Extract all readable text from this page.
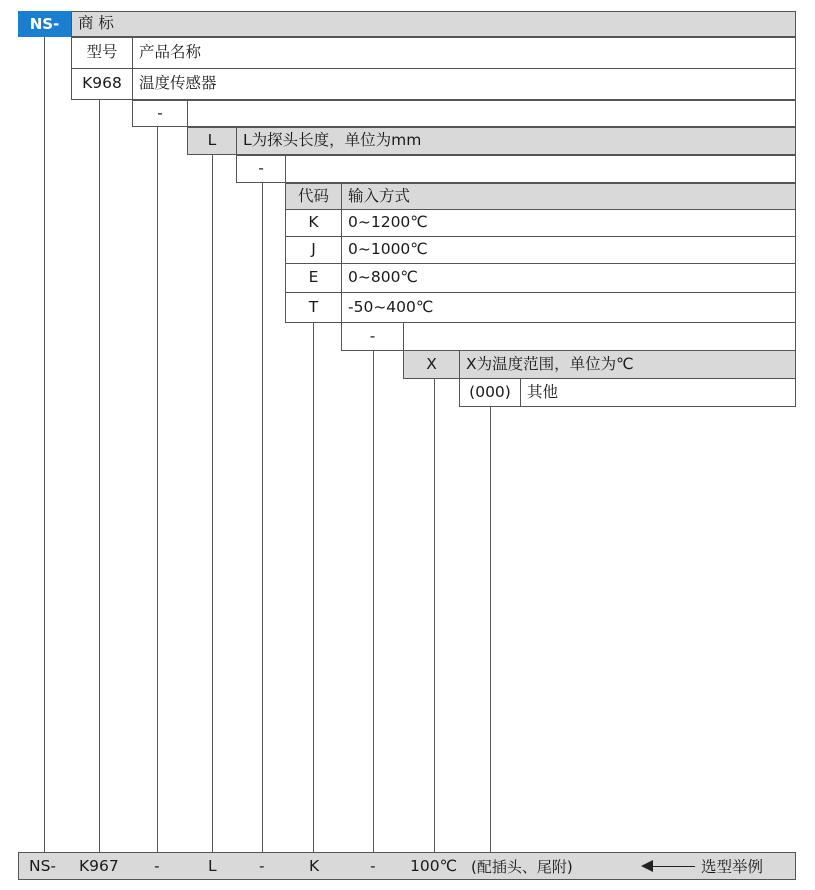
NS-	商 标
型号	产品名称
K968	温度传感器
-
L	L为探头长度，单位为mm
-
代码	输入方式
K	0~1200℃
J	0~1000℃
E	0~800℃
T	-50~400℃
-
X	X为温度范围，单位为℃
(000)	其他
NS- K967 -	L	-	K	- 100℃ (配插头、尾附)	选型举例
